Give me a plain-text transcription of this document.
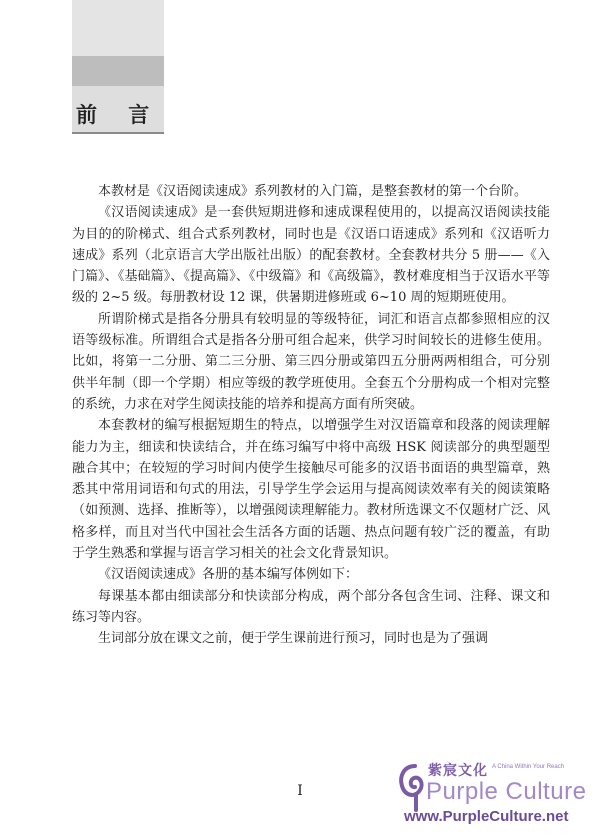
前 言

本教材是《汉语阅读速成》系列教材的入门篇，是整套教材的第一个台阶。

《汉语阅读速成》是一套供短期进修和速成课程使用的，以提高汉语阅读技能为目的的阶梯式、组合式系列教材，同时也是《汉语口语速成》系列和《汉语听力速成》系列（北京语言大学出版社出版）的配套教材。全套教材共分 5 册——《入门篇》、《基础篇》、《提高篇》、《中级篇》和《高级篇》，教材难度相当于汉语水平等级的 2~5 级。每册教材设 12 课，供暑期进修班或 6~10 周的短期班使用。

所谓阶梯式是指各分册具有较明显的等级特征，词汇和语言点都参照相应的汉语等级标准。所谓组合式是指各分册可组合起来，供学习时间较长的进修生使用。比如，将第一二分册、第二三分册、第三四分册或第四五分册两两相组合，可分别供半年制（即一个学期）相应等级的教学班使用。全套五个分册构成一个相对完整的系统，力求在对学生阅读技能的培养和提高方面有所突破。

本套教材的编写根据短期生的特点，以增强学生对汉语篇章和段落的阅读理解能力为主，细读和快读结合，并在练习编写中将中高级 HSK 阅读部分的典型题型融合其中；在较短的学习时间内使学生接触尽可能多的汉语书面语的典型篇章，熟悉其中常用词语和句式的用法，引导学生学会运用与提高阅读效率有关的阅读策略（如预测、选择、推断等），以增强阅读理解能力。教材所选课文不仅题材广泛、风格多样，而且对当代中国社会生活各方面的话题、热点问题有较广泛的覆盖，有助于学生熟悉和掌握与语言学习相关的社会文化背景知识。

《汉语阅读速成》各册的基本编写体例如下：

每课基本都由细读部分和快读部分构成，两个部分各包含生词、注释、课文和练习等内容。

生词部分放在课文之前，便于学生课前进行预习，同时也是为了强调

Ⅰ
紫宸文化 A China Within Your Reach
Purple Culture
www.PurpleCulture.net
